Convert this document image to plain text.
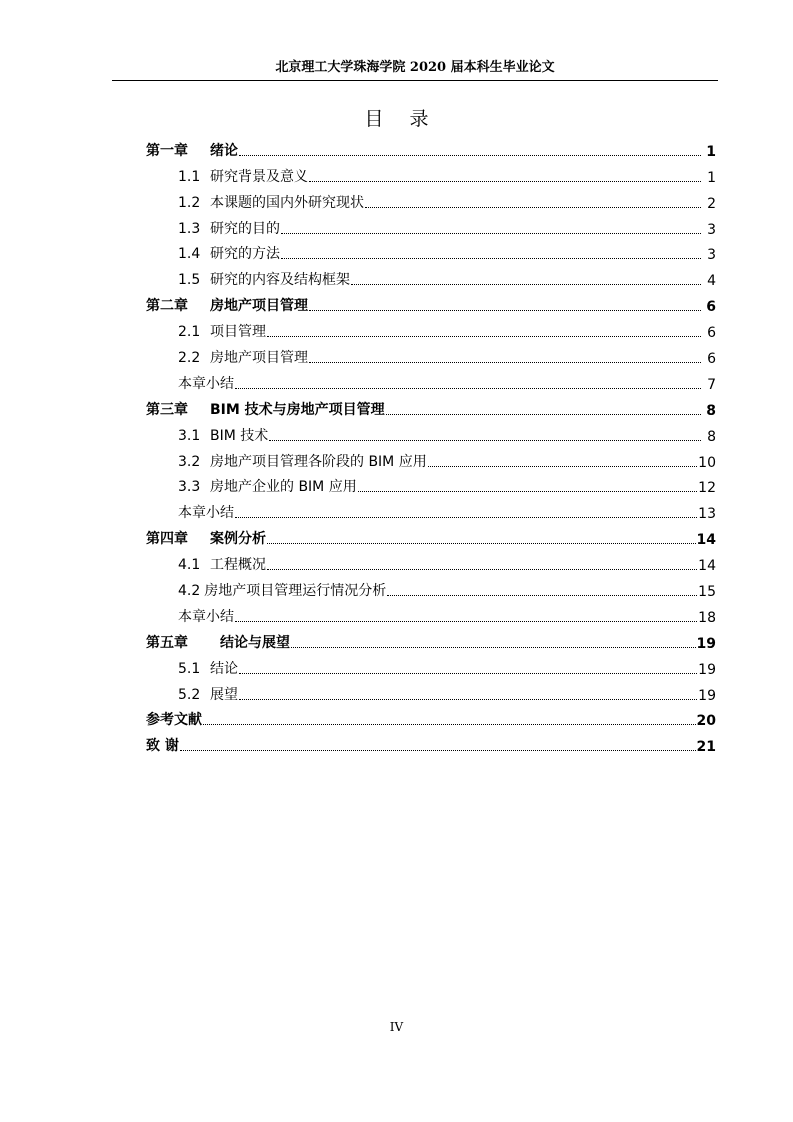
北京理工大学珠海学院 2020 届本科生毕业论文
目 录
第一章 绪论	1
1.1 研究背景及意义	1
1.2 本课题的国内外研究现状	2
1.3 研究的目的	3
1.4 研究的方法	3
1.5 研究的内容及结构框架	4
第二章 房地产项目管理	6
2.1 项目管理	6
2.2 房地产项目管理	6
本章小结	7
第三章 BIM 技术与房地产项目管理	8
3.1 BIM 技术	8
3.2 房地产项目管理各阶段的 BIM 应用	10
3.3 房地产企业的 BIM 应用	12
本章小结	13
第四章 案例分析	14
4.1 工程概况	14
4.2 房地产项目管理运行情况分析	15
本章小结	18
第五章 结论与展望	19
5.1 结论	19
5.2 展望	19
参考文献	20
致 谢	21
IV
